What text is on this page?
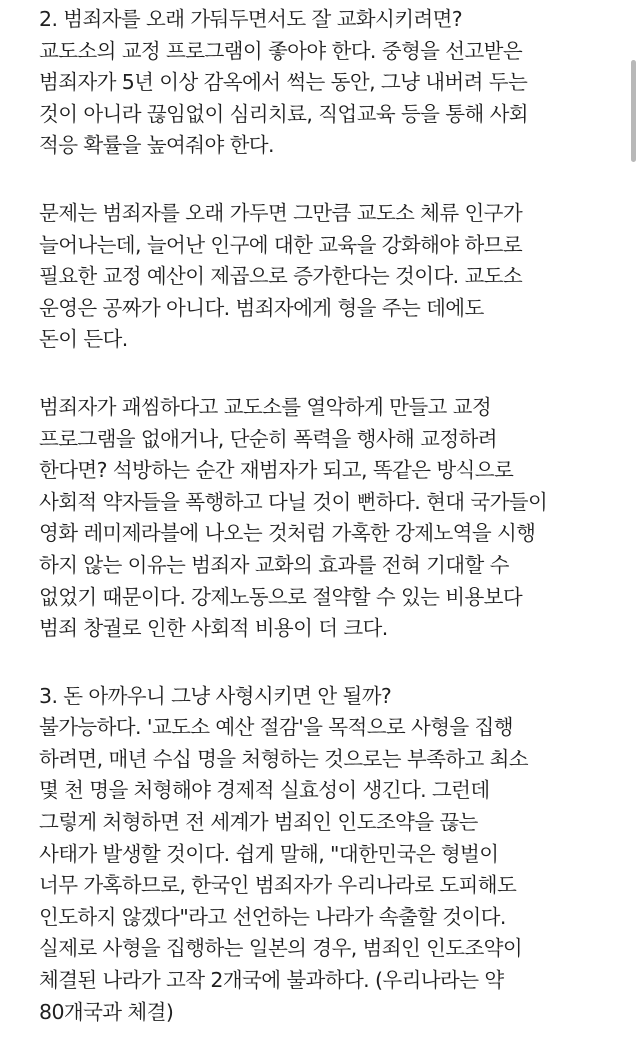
2. 범죄자를 오래 가둬두면서도 잘 교화시키려면?
교도소의 교정 프로그램이 좋아야 한다. 중형을 선고받은
범죄자가 5년 이상 감옥에서 썩는 동안, 그냥 내버려 두는
것이 아니라 끊임없이 심리치료, 직업교육 등을 통해 사회
적응 확률을 높여줘야 한다.
문제는 범죄자를 오래 가두면 그만큼 교도소 체류 인구가
늘어나는데, 늘어난 인구에 대한 교육을 강화해야 하므로
필요한 교정 예산이 제곱으로 증가한다는 것이다. 교도소
운영은 공짜가 아니다. 범죄자에게 형을 주는 데에도
돈이 든다.
범죄자가 괘씸하다고 교도소를 열악하게 만들고 교정
프로그램을 없애거나, 단순히 폭력을 행사해 교정하려
한다면? 석방하는 순간 재범자가 되고, 똑같은 방식으로
사회적 약자들을 폭행하고 다닐 것이 뻔하다. 현대 국가들이
영화 레미제라블에 나오는 것처럼 가혹한 강제노역을 시행
하지 않는 이유는 범죄자 교화의 효과를 전혀 기대할 수
없었기 때문이다. 강제노동으로 절약할 수 있는 비용보다
범죄 창궐로 인한 사회적 비용이 더 크다.
3. 돈 아까우니 그냥 사형시키면 안 될까?
불가능하다. '교도소 예산 절감'을 목적으로 사형을 집행
하려면, 매년 수십 명을 처형하는 것으로는 부족하고 최소
몇 천 명을 처형해야 경제적 실효성이 생긴다. 그런데
그렇게 처형하면 전 세계가 범죄인 인도조약을 끊는
사태가 발생할 것이다. 쉽게 말해, "대한민국은 형벌이
너무 가혹하므로, 한국인 범죄자가 우리나라로 도피해도
인도하지 않겠다"라고 선언하는 나라가 속출할 것이다.
실제로 사형을 집행하는 일본의 경우, 범죄인 인도조약이
체결된 나라가 고작 2개국에 불과하다. (우리나라는 약
80개국과 체결)
